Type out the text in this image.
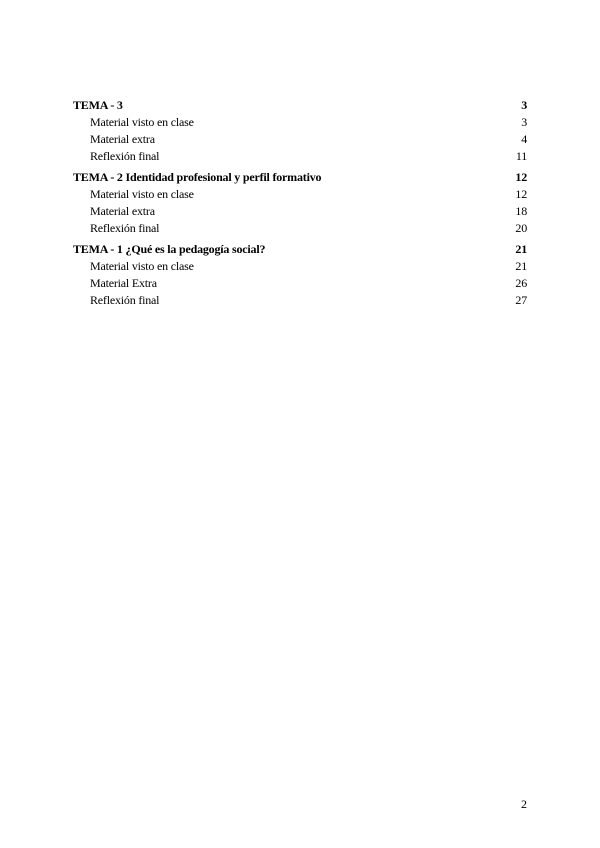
TEMA - 3	3
Material visto en clase	3
Material extra	4
Reflexión final	11
TEMA - 2 Identidad profesional y perfil formativo	12
Material visto en clase	12
Material extra	18
Reflexión final	20
TEMA - 1 ¿Qué es la pedagogía social?	21
Material visto en clase	21
Material Extra	26
Reflexión final	27
2
